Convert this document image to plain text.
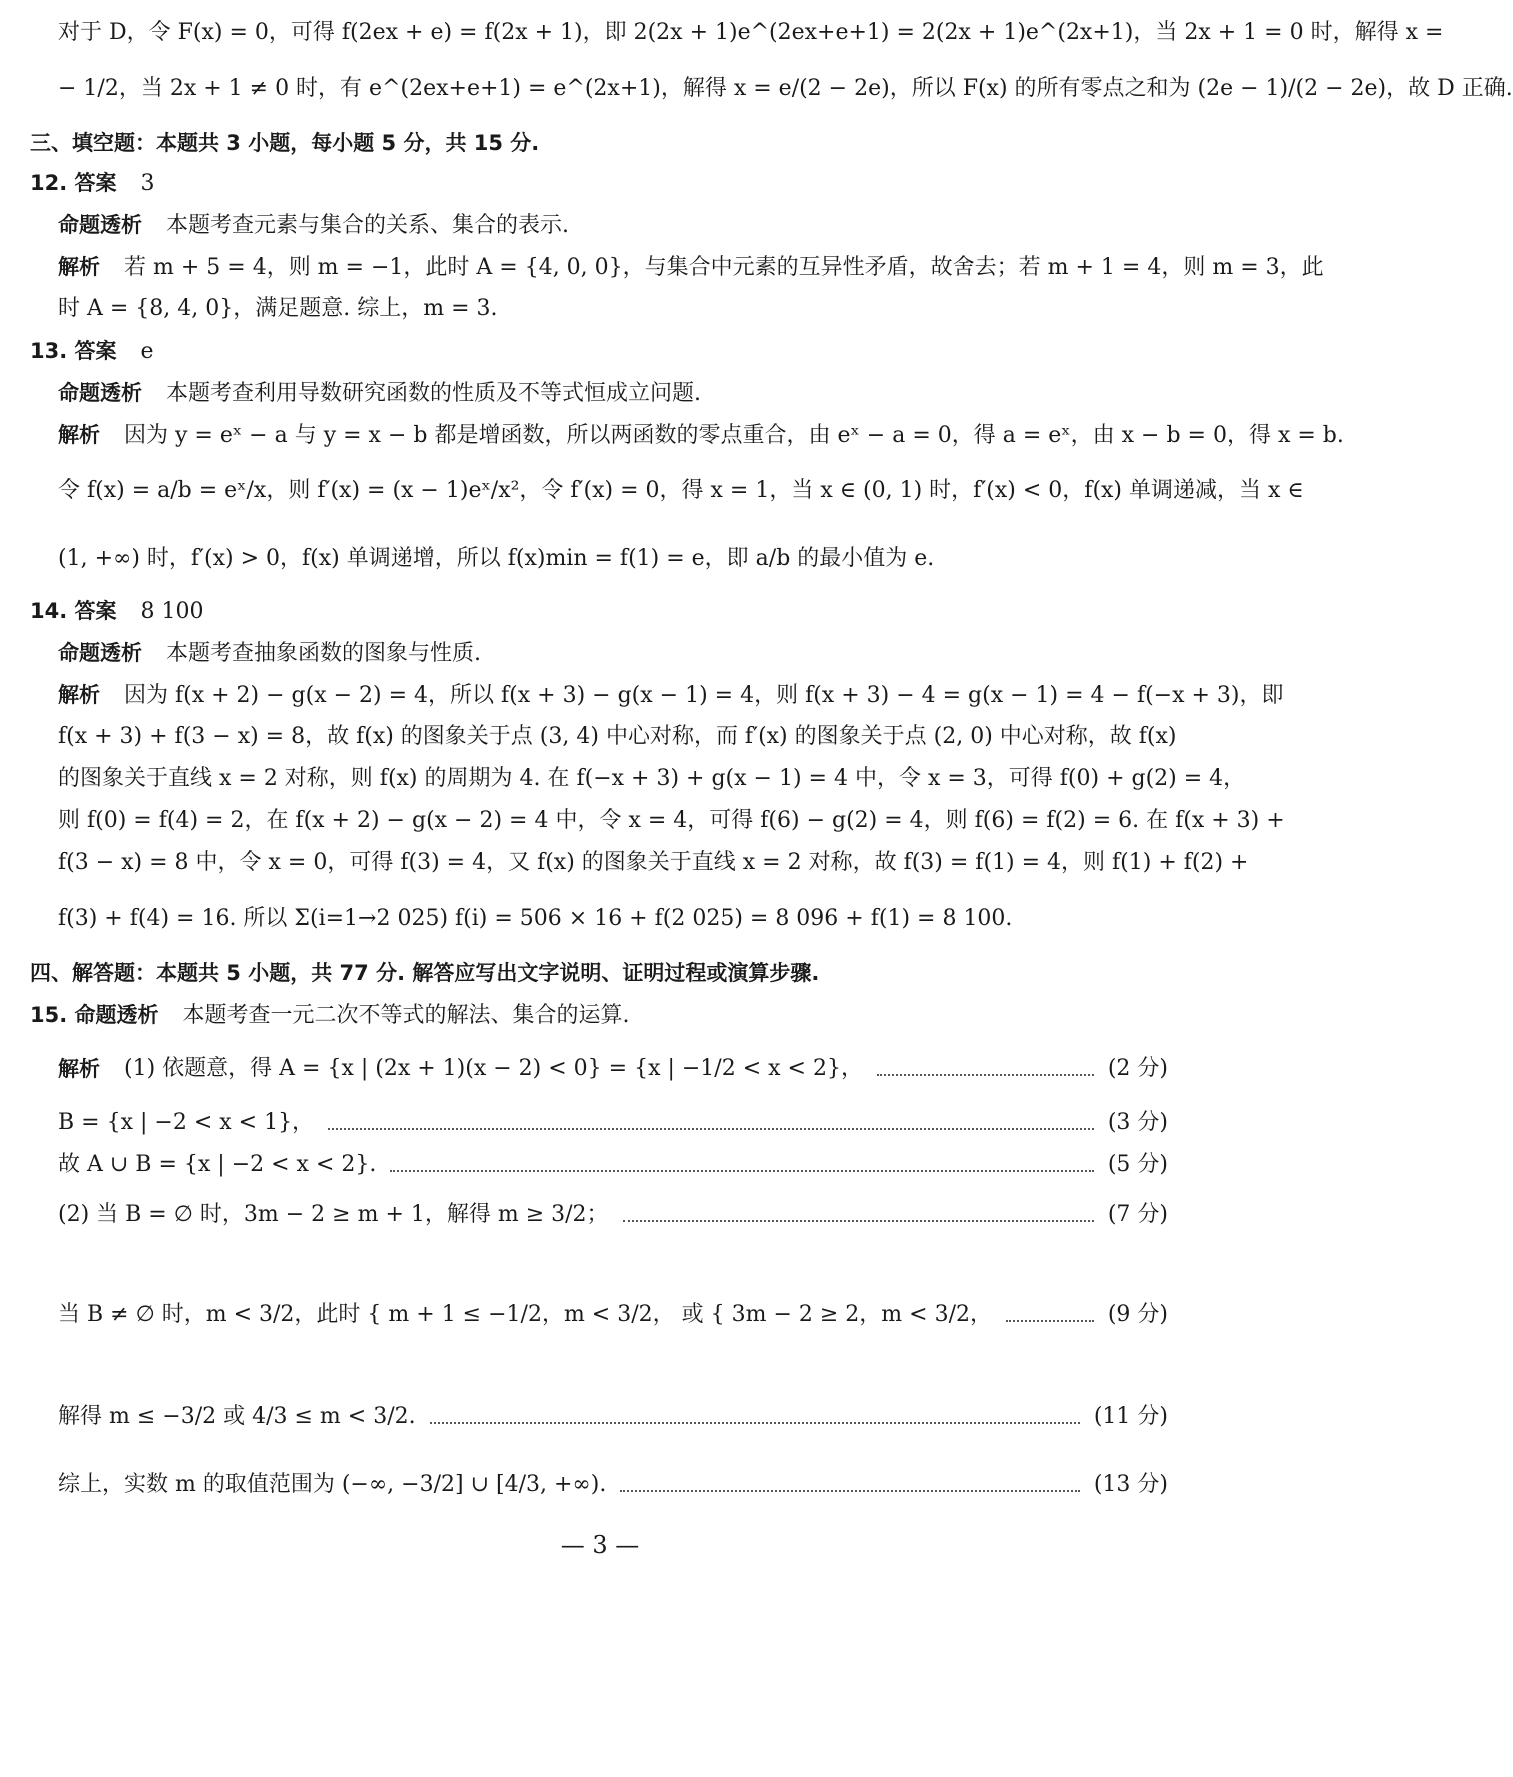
对于 D，令 F(x) = 0，可得 f(2ex + e) = f(2x + 1)，即 2(2x + 1)e^(2ex+e+1) = 2(2x + 1)e^(2x+1)，当 2x + 1 = 0 时，解得 x =
− 1/2，当 2x + 1 ≠ 0 时，有 e^(2ex+e+1) = e^(2x+1)，解得 x = e/(2 − 2e)，所以 F(x) 的所有零点之和为 (2e − 1)/(2 − 2e)，故 D 正确.
三、填空题：本题共 3 小题，每小题 5 分，共 15 分.
12. 答案 3
命题透析 本题考查元素与集合的关系、集合的表示.
解析 若 m + 5 = 4，则 m = −1，此时 A = {4, 0, 0}，与集合中元素的互异性矛盾，故舍去；若 m + 1 = 4，则 m = 3，此
时 A = {8, 4, 0}，满足题意. 综上，m = 3.
13. 答案 e
命题透析 本题考查利用导数研究函数的性质及不等式恒成立问题.
解析 因为 y = eˣ − a 与 y = x − b 都是增函数，所以两函数的零点重合，由 eˣ − a = 0，得 a = eˣ，由 x − b = 0，得 x = b.
令 f(x) = a/b = eˣ/x，则 f′(x) = (x − 1)eˣ/x²，令 f′(x) = 0，得 x = 1，当 x ∈ (0, 1) 时，f′(x) < 0，f(x) 单调递减，当 x ∈
(1, +∞) 时，f′(x) > 0，f(x) 单调递增，所以 f(x)min = f(1) = e，即 a/b 的最小值为 e.
14. 答案 8 100
命题透析 本题考查抽象函数的图象与性质.
解析 因为 f(x + 2) − g(x − 2) = 4，所以 f(x + 3) − g(x − 1) = 4，则 f(x + 3) − 4 = g(x − 1) = 4 − f(−x + 3)，即
f(x + 3) + f(3 − x) = 8，故 f(x) 的图象关于点 (3, 4) 中心对称，而 f′(x) 的图象关于点 (2, 0) 中心对称，故 f(x)
的图象关于直线 x = 2 对称，则 f(x) 的周期为 4. 在 f(−x + 3) + g(x − 1) = 4 中，令 x = 3，可得 f(0) + g(2) = 4，
则 f(0) = f(4) = 2，在 f(x + 2) − g(x − 2) = 4 中，令 x = 4，可得 f(6) − g(2) = 4，则 f(6) = f(2) = 6. 在 f(x + 3) +
f(3 − x) = 8 中，令 x = 0，可得 f(3) = 4，又 f(x) 的图象关于直线 x = 2 对称，故 f(3) = f(1) = 4，则 f(1) + f(2) +
f(3) + f(4) = 16. 所以 Σ(i=1→2 025) f(i) = 506 × 16 + f(2 025) = 8 096 + f(1) = 8 100.
四、解答题：本题共 5 小题，共 77 分. 解答应写出文字说明、证明过程或演算步骤.
15. 命题透析 本题考查一元二次不等式的解法、集合的运算.
解析 (1) 依题意，得 A = {x | (2x + 1)(x − 2) < 0} = {x | −1/2 < x < 2}，	(2 分)
B = {x | −2 < x < 1}，	(3 分)
故 A ∪ B = {x | −2 < x < 2}.	(5 分)
(2) 当 B = ∅ 时，3m − 2 ≥ m + 1，解得 m ≥ 3/2；	(7 分)
当 B ≠ ∅ 时，m < 3/2，此时 { m + 1 ≤ −1/2，m < 3/2， 或 { 3m − 2 ≥ 2，m < 3/2，	(9 分)
解得 m ≤ −3/2 或 4/3 ≤ m < 3/2.	(11 分)
综上，实数 m 的取值范围为 (−∞, −3/2] ∪ [4/3, +∞).	(13 分)
— 3 —
